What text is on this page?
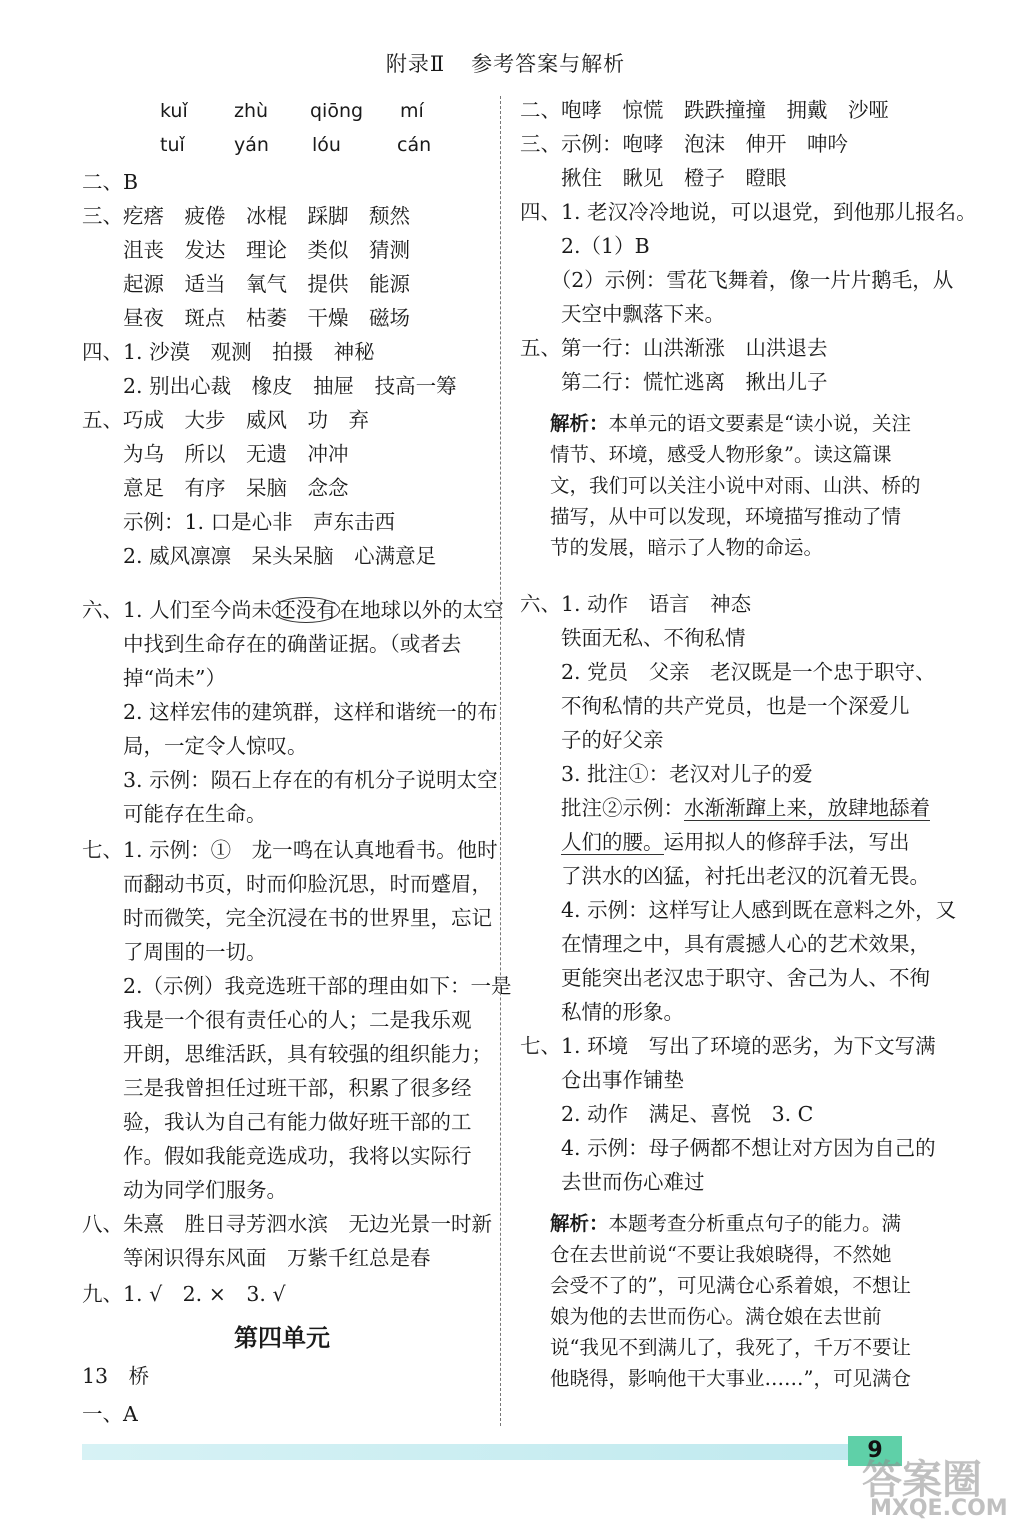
附录Ⅱ 参考答案与解析
kuǐ zhù qiōng mí
tuǐ	yán lóu	cán
二、B
三、疙瘩　疲倦　冰棍　踩脚　颓然
　　沮丧　发达　理论　类似　猜测
　　起源　适当　氧气　提供　能源
　　昼夜　斑点　枯萎　干燥　磁场
四、1. 沙漠　观测　拍摄　神秘
　　2. 别出心裁　橡皮　抽屉　技高一筹
五、巧成　大步　威风　功　弃
　　为乌　所以　无遗　冲冲
　　意足　有序　呆脑　念念
　　示例：1. 口是心非　声东击西
　　2. 威风凛凛　呆头呆脑　心满意足
六、1. 人们至今尚未 还没有 在地球以外的太空
　　中找到生命存在的确凿证据。（或者去
　　掉“尚未”）
　　2. 这样宏伟的建筑群，这样和谐统一的布
　　局，一定令人惊叹。
　　3. 示例：陨石上存在的有机分子说明太空
　　可能存在生命。
七、1. 示例：①　龙一鸣在认真地看书。他时
　　而翻动书页，时而仰脸沉思，时而蹙眉，
　　时而微笑，完全沉浸在书的世界里，忘记
　　了周围的一切。
　　2.（示例）我竞选班干部的理由如下：一是
　　我是一个很有责任心的人；二是我乐观
　　开朗，思维活跃，具有较强的组织能力；
　　三是我曾担任过班干部，积累了很多经
　　验，我认为自己有能力做好班干部的工
　　作。假如我能竞选成功，我将以实际行
　　动为同学们服务。
八、朱熹　胜日寻芳泗水滨　无边光景一时新
　　等闲识得东风面　万紫千红总是春
九、1. √　2. ×　3. √
第四单元
13　桥
一、A
二、咆哮　惊慌　跌跌撞撞　拥戴　沙哑
三、示例：咆哮　泡沫　伸开　呻吟
　　揪住　瞅见　橙子　瞪眼
四、1. 老汉冷冷地说，可以退党，到他那儿报名。
　　2.（1）B
　　（2）示例：雪花飞舞着，像一片片鹅毛，从
　　天空中飘落下来。
五、第一行：山洪渐涨　山洪退去
　　第二行：慌忙逃离　揪出儿子
解析：本单元的语文要素是“读小说，关注
情节、环境，感受人物形象”。读这篇课
文，我们可以关注小说中对雨、山洪、桥的
描写，从中可以发现，环境描写推动了情
节的发展，暗示了人物的命运。
六、1. 动作　语言　神态
　　铁面无私、不徇私情
　　2. 党员　父亲　老汉既是一个忠于职守、
　　不徇私情的共产党员，也是一个深爱儿
　　子的好父亲
　　3. 批注①：老汉对儿子的爱
　　批注②示例：水渐渐蹿上来，放肆地舔着
　　人们的腰。运用拟人的修辞手法，写出
　　了洪水的凶猛，衬托出老汉的沉着无畏。
　　4. 示例：这样写让人感到既在意料之外，又
　　在情理之中，具有震撼人心的艺术效果，
　　更能突出老汉忠于职守、舍己为人、不徇
　　私情的形象。
七、1. 环境　写出了环境的恶劣，为下文写满
　　仓出事作铺垫
　　2. 动作　满足、喜悦　3. C
　　4. 示例：母子俩都不想让对方因为自己的
　　去世而伤心难过
解析：本题考查分析重点句子的能力。满
仓在去世前说“不要让我娘晓得，不然她
会受不了的”，可见满仓心系着娘，不想让
娘为他的去世而伤心。满仓娘在去世前
说“我见不到满儿了，我死了，千万不要让
他晓得，影响他干大事业……”，可见满仓
9
答案圈
MXQE.COM
